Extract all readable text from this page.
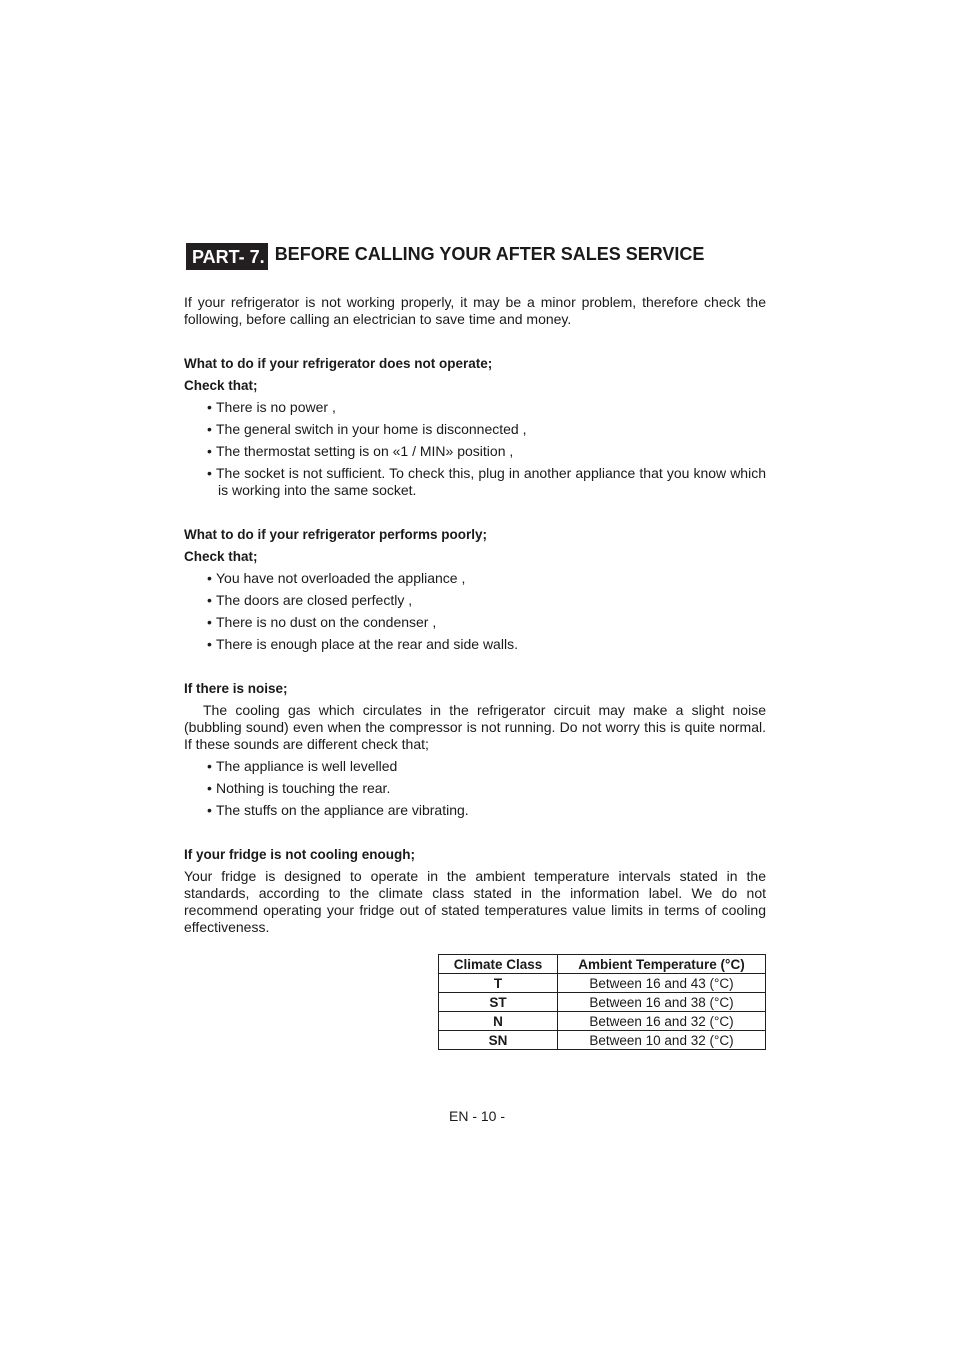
PART- 7. BEFORE CALLING YOUR AFTER SALES SERVICE

If your refrigerator is not working properly, it may be a minor problem, therefore check the following, before calling an electrician to save time and money.

What to do if your refrigerator does not operate;

Check that;

• There is no power ,
• The general switch in your home is disconnected ,
• The thermostat setting is on «1 / MIN» position ,
• The socket is not sufficient. To check this, plug in another appliance that you know which is working into the same socket.

What to do if your refrigerator performs poorly;

Check that;

• You have not overloaded the appliance ,
• The doors are closed perfectly ,
• There is no dust on the condenser ,
• There is enough place at the rear and side walls.

If there is noise;

The cooling gas which circulates in the refrigerator circuit may make a slight noise (bubbling sound) even when the compressor is not running. Do not worry this is quite normal. If these sounds are different check that;

• The appliance is well levelled
• Nothing is touching the rear.
• The stuffs on the appliance are vibrating.

If your fridge is not cooling enough;

Your fridge is designed to operate in the ambient temperature intervals stated in the standards, according to the climate class stated in the information label. We do not recommend operating your fridge out of stated temperatures value limits in terms of cooling effectiveness.

Climate Class	Ambient Temperature (°C)
T	Between 16 and 43 (°C)
ST	Between 16 and 38 (°C)
N	Between 16 and 32 (°C)
SN	Between 10 and 32 (°C)
EN - 10 -
